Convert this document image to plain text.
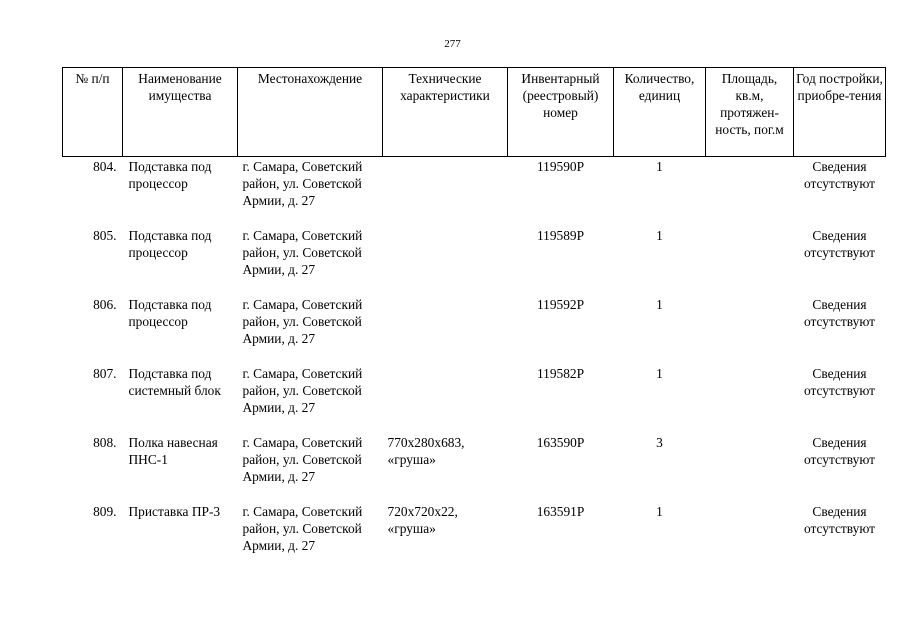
277
№ п/п	Наименование имущества	Местонахождение	Технические характеристики	Инвентарный (реестровый) номер	Количество, единиц	Площадь, кв.м, протяжен-ность, пог.м	Год постройки, приобре-тения
804.	Подставка под процессор	г. Самара, Советский район, ул. Советской Армии, д. 27		119590Р	1		Сведения отсутствуют
805.	Подставка под процессор	г. Самара, Советский район, ул. Советской Армии, д. 27		119589Р	1		Сведения отсутствуют
806.	Подставка под процессор	г. Самара, Советский район, ул. Советской Армии, д. 27		119592Р	1		Сведения отсутствуют
807.	Подставка под системный блок	г. Самара, Советский район, ул. Советской Армии, д. 27		119582Р	1		Сведения отсутствуют
808.	Полка навесная ПНС-1	г. Самара, Советский район, ул. Советской Армии, д. 27	770x280x683, «груша»	163590Р	3		Сведения отсутствуют
809.	Приставка ПР-3	г. Самара, Советский район, ул. Советской Армии, д. 27	720x720x22, «груша»	163591Р	1		Сведения отсутствуют
